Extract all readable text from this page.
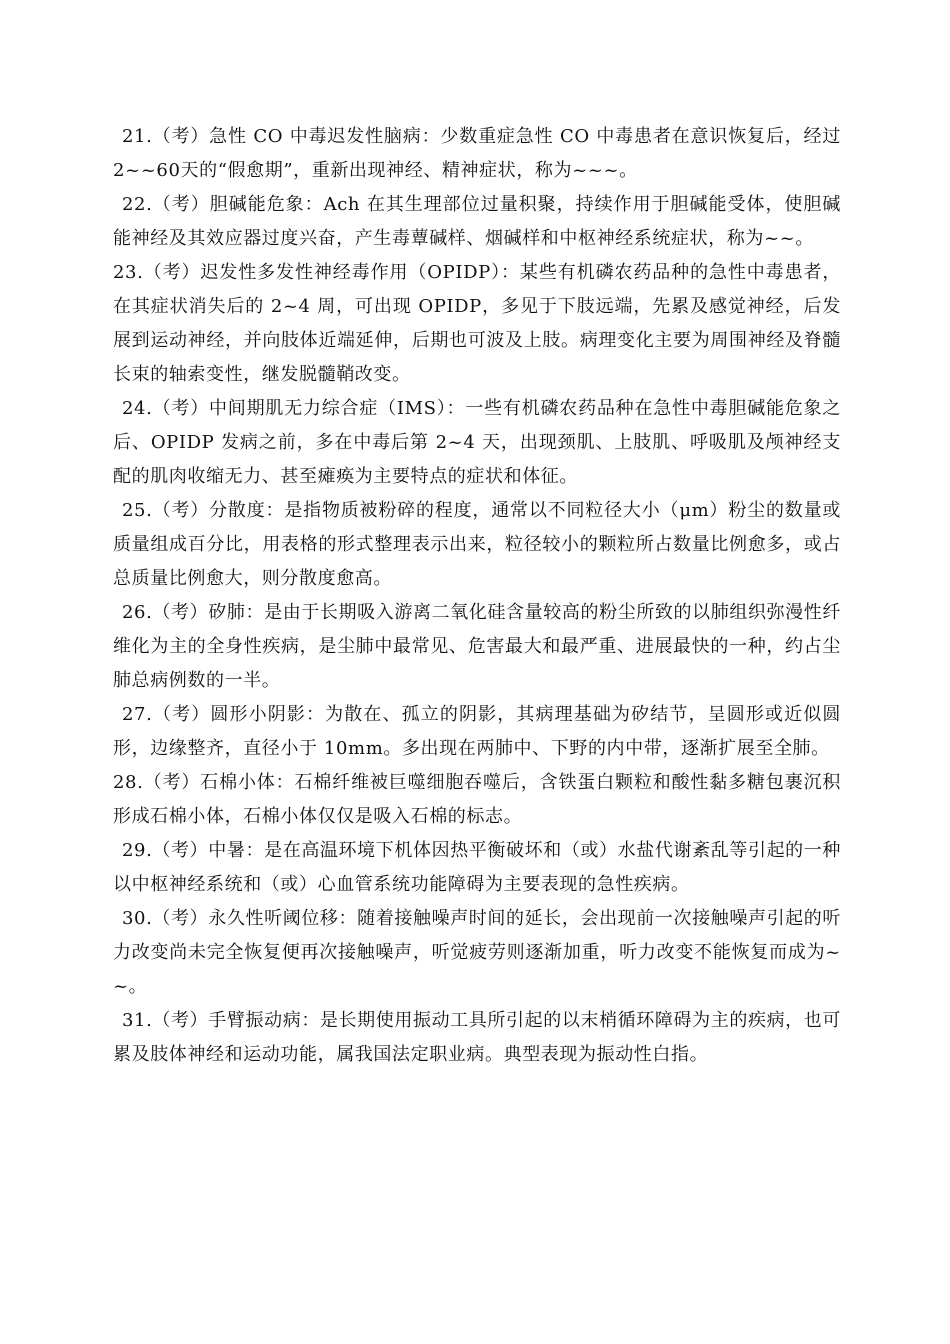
21.（考）急性 CO 中毒迟发性脑病：少数重症急性 CO 中毒患者在意识恢复后，经过2~~60天的“假愈期”，重新出现神经、精神症状，称为~~~。

22.（考）胆碱能危象：Ach 在其生理部位过量积聚，持续作用于胆碱能受体，使胆碱能神经及其效应器过度兴奋，产生毒蕈碱样、烟碱样和中枢神经系统症状，称为~~。

23.（考）迟发性多发性神经毒作用（OPIDP）：某些有机磷农药品种的急性中毒患者，在其症状消失后的 2~4 周，可出现 OPIDP，多见于下肢远端，先累及感觉神经，后发展到运动神经，并向肢体近端延伸，后期也可波及上肢。病理变化主要为周围神经及脊髓长束的轴索变性，继发脱髓鞘改变。

24.（考）中间期肌无力综合症（IMS）：一些有机磷农药品种在急性中毒胆碱能危象之后、OPIDP 发病之前，多在中毒后第 2~4 天，出现颈肌、上肢肌、呼吸肌及颅神经支配的肌肉收缩无力、甚至瘫痪为主要特点的症状和体征。

25.（考）分散度：是指物质被粉碎的程度，通常以不同粒径大小（μm）粉尘的数量或质量组成百分比，用表格的形式整理表示出来，粒径较小的颗粒所占数量比例愈多，或占总质量比例愈大，则分散度愈高。

26.（考）矽肺：是由于长期吸入游离二氧化硅含量较高的粉尘所致的以肺组织弥漫性纤维化为主的全身性疾病，是尘肺中最常见、危害最大和最严重、进展最快的一种，约占尘肺总病例数的一半。

27.（考）圆形小阴影：为散在、孤立的阴影，其病理基础为矽结节，呈圆形或近似圆形，边缘整齐，直径小于 10mm。多出现在两肺中、下野的内中带，逐渐扩展至全肺。

28.（考）石棉小体：石棉纤维被巨噬细胞吞噬后，含铁蛋白颗粒和酸性黏多糖包裹沉积形成石棉小体，石棉小体仅仅是吸入石棉的标志。

29.（考）中暑：是在高温环境下机体因热平衡破坏和（或）水盐代谢紊乱等引起的一种以中枢神经系统和（或）心血管系统功能障碍为主要表现的急性疾病。

30.（考）永久性听阈位移：随着接触噪声时间的延长，会出现前一次接触噪声引起的听力改变尚未完全恢复便再次接触噪声，听觉疲劳则逐渐加重，听力改变不能恢复而成为~~。

31.（考）手臂振动病：是长期使用振动工具所引起的以末梢循环障碍为主的疾病，也可累及肢体神经和运动功能，属我国法定职业病。典型表现为振动性白指。
